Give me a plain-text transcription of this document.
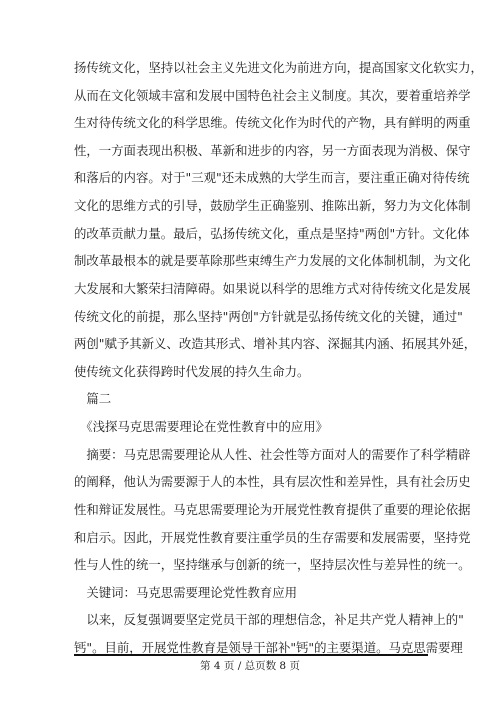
扬传统文化，坚持以社会主义先进文化为前进方向，提高国家文化软实力，
从而在文化领域丰富和发展中国特色社会主义制度。其次，要着重培养学
生对待传统文化的科学思维。传统文化作为时代的产物，具有鲜明的两重
性，一方面表现出积极、革新和进步的内容，另一方面表现为消极、保守
和落后的内容。对于"三观"还未成熟的大学生而言，要注重正确对待传统
文化的思维方式的引导，鼓励学生正确鉴别、推陈出新，努力为文化体制
的改革贡献力量。最后，弘扬传统文化，重点是坚持"两创"方针。文化体
制改革最根本的就是要革除那些束缚生产力发展的文化体制机制，为文化
大发展和大繁荣扫清障碍。如果说以科学的思维方式对待传统文化是发展
传统文化的前提，那么坚持"两创"方针就是弘扬传统文化的关键，通过"
两创"赋予其新义、改造其形式、增补其内容、深掘其内涵、拓展其外延，
使传统文化获得跨时代发展的持久生命力。
　篇二
　《浅探马克思需要理论在党性教育中的应用》
　摘要：马克思需要理论从人性、社会性等方面对人的需要作了科学精辟
的阐释，他认为需要源于人的本性，具有层次性和差异性，具有社会历史
性和辩证发展性。马克思需要理论为开展党性教育提供了重要的理论依据
和启示。因此，开展党性教育要注重学员的生存需要和发展需要，坚持党
性与人性的统一，坚持继承与创新的统一，坚持层次性与差异性的统一。
　关键词：马克思需要理论党性教育应用
　以来，反复强调要坚定党员干部的理想信念，补足共产党人精神上的"
钙"。目前，开展党性教育是领导干部补"钙"的主要渠道。马克思需要理
第 4 页 / 总页数 8 页
